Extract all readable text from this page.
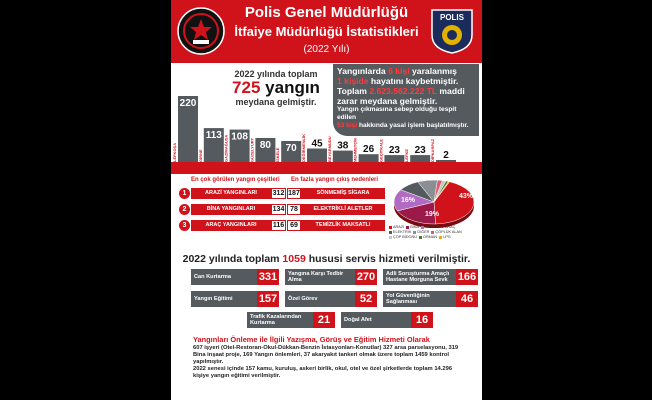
Polis Genel Müdürlüğü
İtfaiye Müdürlüğü İstatistikleri
(2022 Yılı)
POLIS
2022 yılında toplam
725 yangın
meydana gelmiştir.
Yangınlarda 6 kişi yaralanmış
1 kişide hayatını kaybetmiştir.
Toplam 2.623.562.222 TL maddi zarar meydana gelmiştir.
Yangın çıkmasına sebep olduğu tespit edilen
53 kişi hakkında yasal işlem başlatılmıştır.
220
LEFKOŞA
113
GİRNE
108
GAZİMAĞUSA	80
GÜZELYURT	70
İSKELE
45
DEĞİRMENLİK	38
BEYARMUDU	26
MEHMETÇİK	23
GEÇİTKALE	23
LEFKE	2
DİPKARPAZ
En çok görülen yangın çeşitleri En fazla yangın çıkış nedenleri
1	ARAZİ YANGINLARI	312 187	SÖNMEMİŞ SİGARA
2	BİNA YANGINLARI	134 78	ELEKTRİKLİ ALETLER
3	ARAÇ YANGINLARI	116 69	TEMİZLİK MAKSATLI
43%
19%
16%
ARAZİ BİNA MOTORLU ARAÇELEKTRİK DİĞER ÇÖPLÜK ALANÇÖP BİDONU ORMAN LPG
2022 yılında toplam 1059 hususi servis hizmeti verilmiştir.
Can Kurtarma	331	Yangına Karşı Tedbir Alma	270	Adli Soruşturma Amaçlı Hastane Morguna Sevk 166
Yangın Eğitimi	157	Özel Görev	52	Yol Güvenliğinin Sağlanması	46
Trafik Kazalarından Kurtarma	21	Doğal Afet	16
Yangınları Önleme ile İlgili Yazışma, Görüş ve Eğitim Hizmeti Olarak
607 işyeri (Otel-Restoran-Okul-Dükkan-Benzin İstasyonları-Konutlar) 327 arsa parselasyonu, 319 Bina inşaat proje, 169 Yangın önlemleri, 37 akaryakıt tankeri olmak üzere toplam 1459 kontrol yapılmıştır.
2022 senesi içinde 157 kamu, kuruluş, askeri birlik, okul, otel ve özel şirketlerde toplam 14.296 kişiye yangın eğitimi verilmiştir.
